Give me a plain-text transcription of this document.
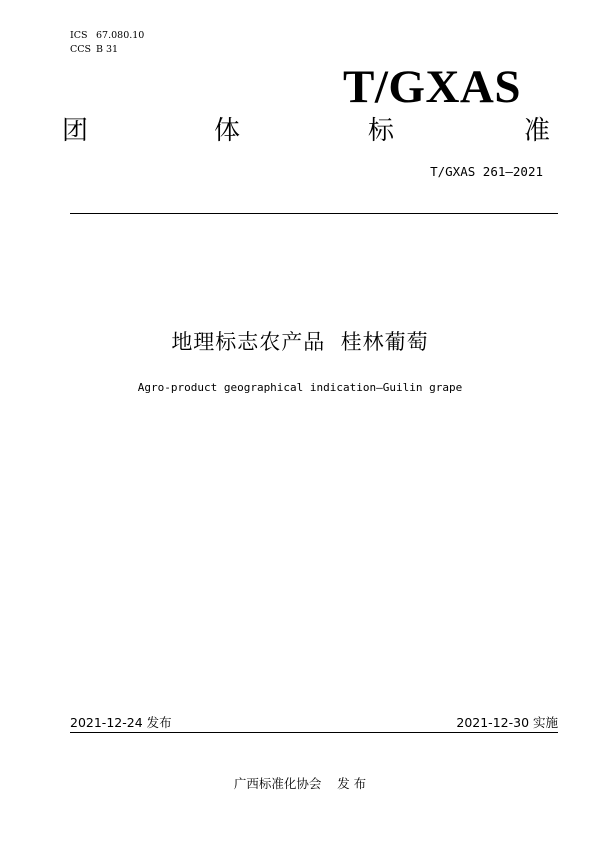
ICS 67.080.10
CCS B 31
T/GXAS
团	体	标	准
T/GXAS 261—2021
地理标志农产品  桂林葡萄
Agro-product geographical indication—Guilin grape
2021-12-24 发布	2021-12-30 实施
广西标准化协会    发 布
